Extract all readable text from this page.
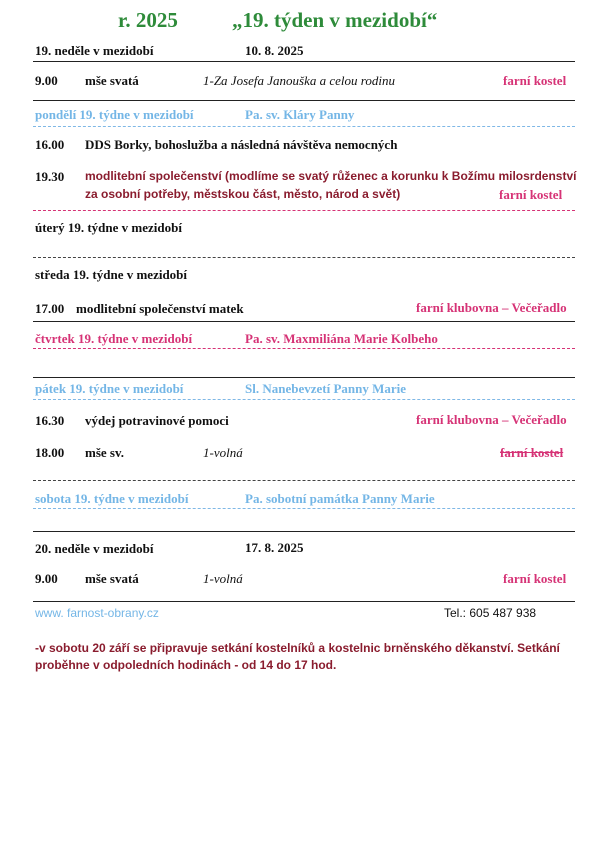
r. 2025	„19. týden v mezidobí“
19. neděle v mezidobí	10. 8. 2025
9.00 mše svatá	1-Za Josefa Janouška a celou rodinu	farní kostel
pondělí 19. týdne v mezidobí	Pa. sv. Kláry Panny
16.00 DDS Borky, bohoslužba a následná návštěva nemocných
19.30 modlitební společenství (modlíme se svatý růženec a korunku k Božímu milosrdenství
za osobní potřeby, městskou část, město, národ a svět)	farní kostel
úterý 19. týdne v mezidobí
středa 19. týdne v mezidobí
17.00 modlitební společenství matek	farní klubovna – Večeřadlo
čtvrtek 19. týdne v mezidobí	Pa. sv. Maxmiliána Marie Kolbeho
pátek 19. týdne v mezidobí	Sl. Nanebevzetí Panny Marie
16.30 výdej potravinové pomoci	farní klubovna – Večeřadlo
18.00 mše sv.	1-volná	farní kostel
sobota 19. týdne v mezidobí	Pa. sobotní památka Panny Marie
20. neděle v mezidobí	17. 8. 2025
9.00 mše svatá	1-volná	farní kostel
www. farnost-obrany.cz	Tel.: 605 487 938
-v sobotu 20 září se připravuje setkání kostelníků a kostelnic brněnského děkanství. Setkání proběhne v odpoledních hodinách - od 14 do 17 hod.
